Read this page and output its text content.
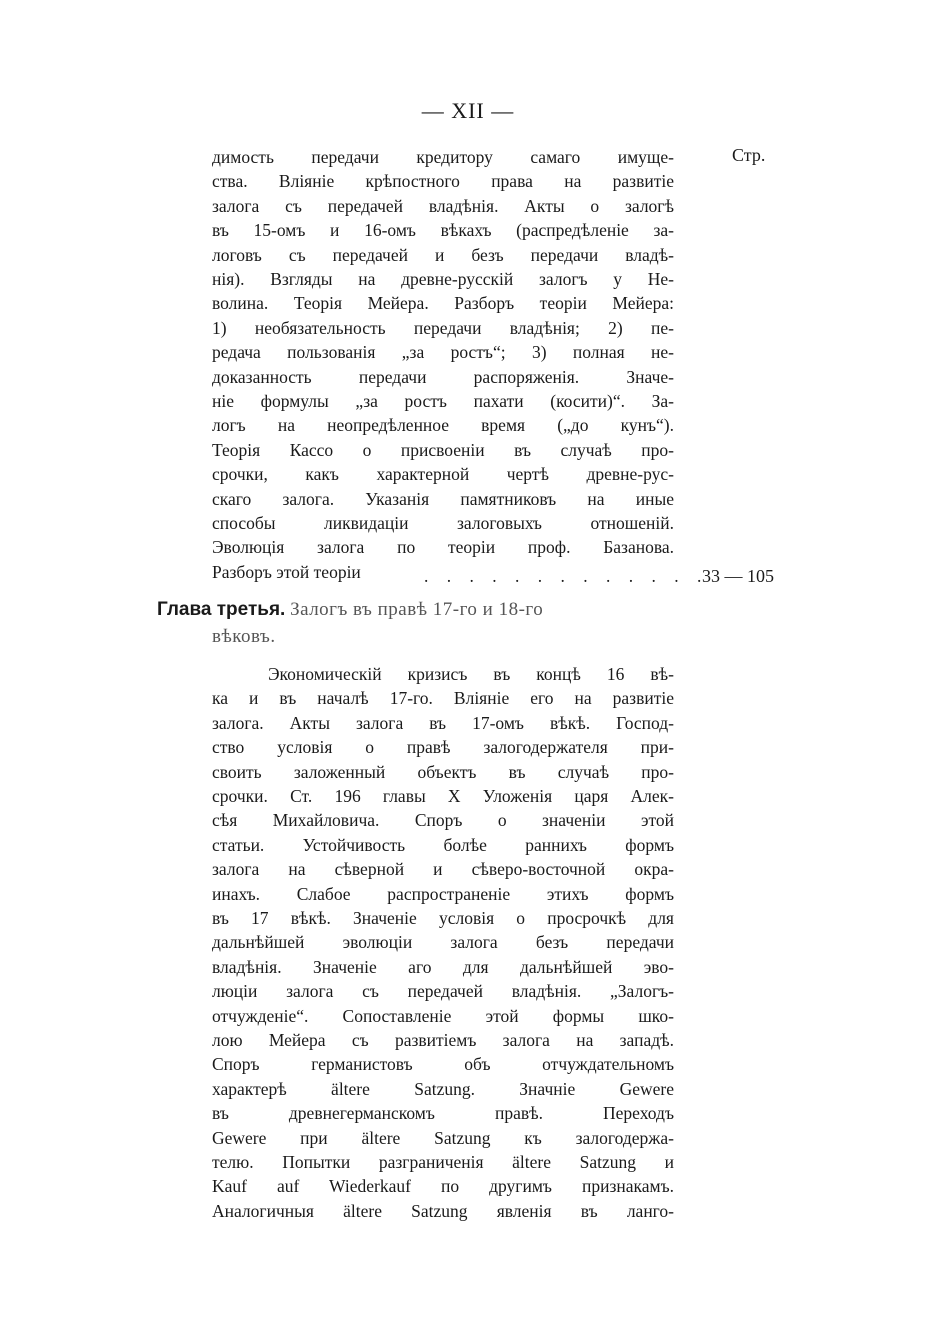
— XII —
Стр.
димость передачи кредитору самаго имуще-
ства. Вліяніе крѣпостного права на развитіе
залога съ передачей владѣнія. Акты о залогѣ
въ 15-омъ и 16-омъ вѣкахъ (распредѣленіе за-
логовъ съ передачей и безъ передачи владѣ-
нія). Взгляды на древне-русскій залогъ у Не-
волина. Теорія Мейера. Разборъ теоріи Мейера:
1) необязательность передачи владѣнія; 2) пе-
редача пользованія „за ростъ“; 3) полная не-
доказанность передачи распоряженія. Значе-
ніе формулы „за ростъ пахати (косити)“. За-
логъ на неопредѣленное время („до кунъ“).
Теорія Кассо о присвоеніи въ случаѣ про-
срочки, какъ характерной чертѣ древне-рус-
скаго залога. Указанія памятниковъ на иные
способы ликвидаціи залоговыхъ отношеній.
Эволюція залога по теоріи проф. Базанова.
Разборъ этой теоріи	. . . . . . . . . . . . .
33 — 105
Глава третья. Залогъ въ правѣ 17-го и 18-го
вѣковъ.
Экономическій кризисъ въ концѣ 16 вѣ-
ка и въ началѣ 17-го. Вліяніе его на развитіе
залога. Акты залога въ 17-омъ вѣкѣ. Господ-
ство условія о правѣ залогодержателя при-
своить заложенный объектъ въ случаѣ про-
срочки. Ст. 196 главы X Уложенія царя Алек-
сѣя Михайловича. Споръ о значеніи этой
статьи. Устойчивость болѣе раннихъ формъ
залога на сѣверной и сѣверо-восточной окра-
инахъ. Слабое распространеніе этихъ формъ
въ 17 вѣкѣ. Значеніе условія о просрочкѣ для
дальнѣйшей эволюціи залога безъ передачи
владѣнія. Значеніе аго для дальнѣйшей эво-
люціи залога съ передачей владѣнія. „Залогъ-
отчужденіе“. Сопоставленіе этой формы шко-
лою Мейера съ развитіемъ залога на западѣ.
Споръ германистовъ объ отчуждательномъ
характерѣ ältere Satzung. Значніе Gewere
въ древнегерманскомъ правѣ. Переходъ
Gewere при ältere Satzung къ залогодержа-
телю. Попытки разграниченія ältere Satzung и
Kauf auf Wiederkauf по другимъ признакамъ.
Аналогичныя ältere Satzung явленія въ ланго-
